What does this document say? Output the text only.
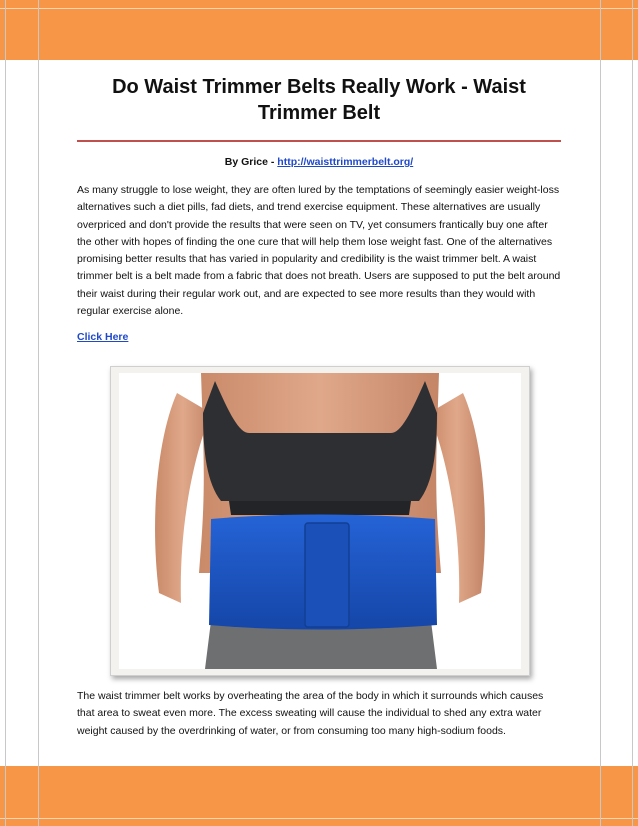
Do Waist Trimmer Belts Really Work - Waist Trimmer Belt
By Grice - http://waisttrimmerbelt.org/

As many struggle to lose weight, they are often lured by the temptations of seemingly easier weight-loss alternatives such a diet pills, fad diets, and trend exercise equipment. These alternatives are usually overpriced and don't provide the results that were seen on TV, yet consumers frantically buy one after the other with hopes of finding the one cure that will help them lose weight fast. One of the alternatives promising better results that has varied in popularity and credibility is the waist trimmer belt. A waist trimmer belt is a belt made from a fabric that does not breath. Users are supposed to put the belt around their waist during their regular work out, and are expected to see more results than they would with regular exercise alone.

Click Here

The waist trimmer belt works by overheating the area of the body in which it surrounds which causes that area to sweat even more. The excess sweating will cause the individual to shed any extra water weight caused by the overdrinking of water, or from consuming too many high-sodium foods.
